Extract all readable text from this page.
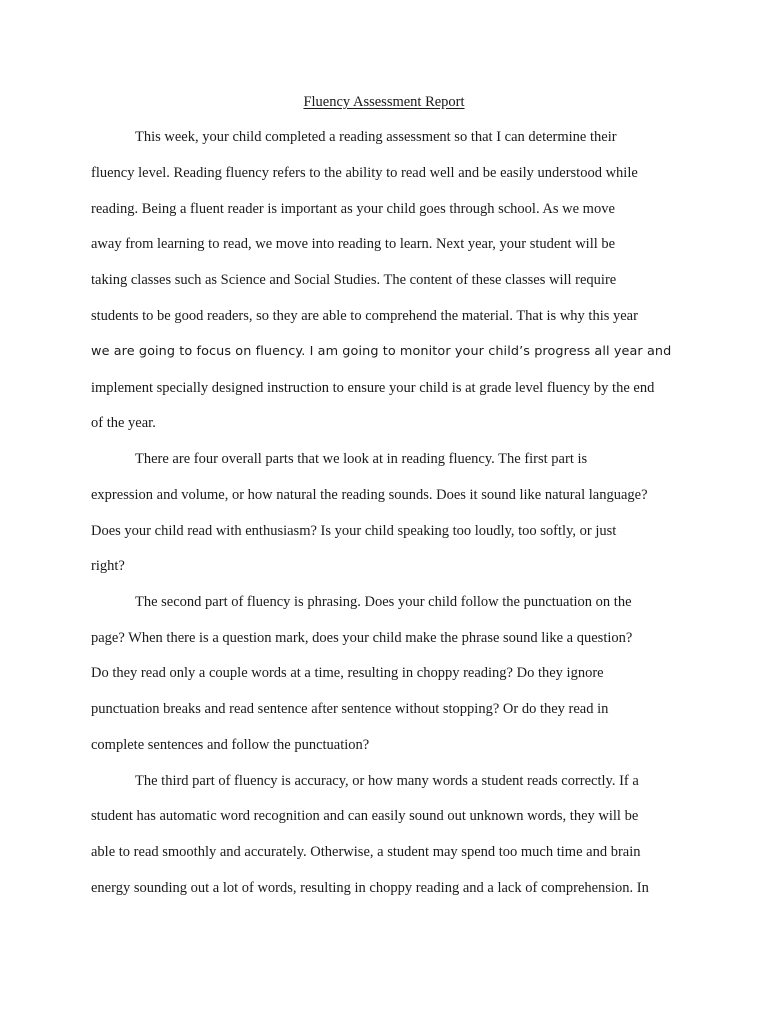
Fluency Assessment Report

This week, your child completed a reading assessment so that I can determine their

fluency level. Reading fluency refers to the ability to read well and be easily understood while

reading. Being a fluent reader is important as your child goes through school. As we move

away from learning to read, we move into reading to learn. Next year, your student will be

taking classes such as Science and Social Studies. The content of these classes will require

students to be good readers, so they are able to comprehend the material. That is why this year

we are going to focus on fluency. I am going to monitor your child’s progress all year and

implement specially designed instruction to ensure your child is at grade level fluency by the end

of the year.

There are four overall parts that we look at in reading fluency. The first part is

expression and volume, or how natural the reading sounds. Does it sound like natural language?

Does your child read with enthusiasm? Is your child speaking too loudly, too softly, or just

right?

The second part of fluency is phrasing. Does your child follow the punctuation on the

page? When there is a question mark, does your child make the phrase sound like a question?

Do they read only a couple words at a time, resulting in choppy reading? Do they ignore

punctuation breaks and read sentence after sentence without stopping? Or do they read in

complete sentences and follow the punctuation?

The third part of fluency is accuracy, or how many words a student reads correctly. If a

student has automatic word recognition and can easily sound out unknown words, they will be

able to read smoothly and accurately. Otherwise, a student may spend too much time and brain

energy sounding out a lot of words, resulting in choppy reading and a lack of comprehension. In
